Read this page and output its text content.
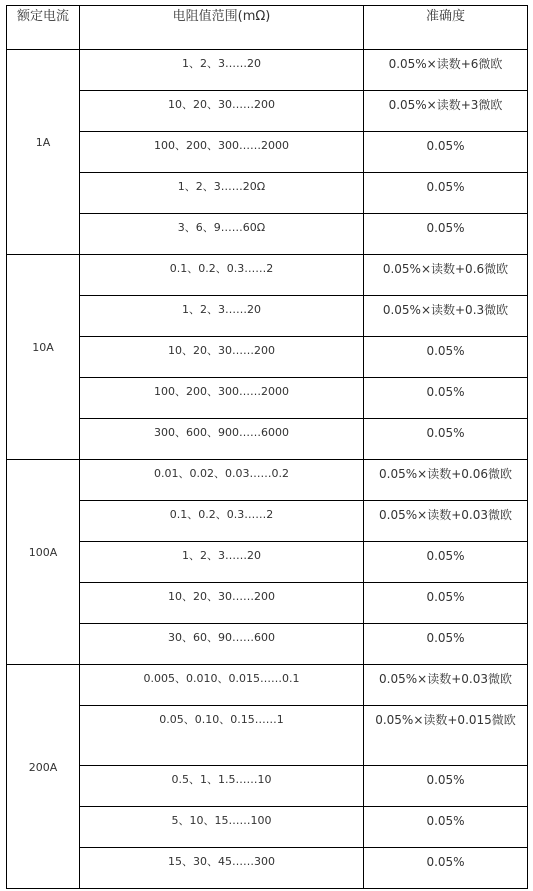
额定电流	电阻值范围(mΩ)	准确度
1A	1、2、3……20	0.05%×读数+6微欧
	10、20、30……200	0.05%×读数+3微欧
	100、200、300……2000	0.05%
	1、2、3……20Ω	0.05%
	3、6、9……60Ω	0.05%
10A	0.1、0.2、0.3……2	0.05%×读数+0.6微欧
	1、2、3……20	0.05%×读数+0.3微欧
	10、20、30……200	0.05%
	100、200、300……2000	0.05%
	300、600、900……6000	0.05%
100A	0.01、0.02、0.03……0.2	0.05%×读数+0.06微欧
	0.1、0.2、0.3……2	0.05%×读数+0.03微欧
	1、2、3……20	0.05%
	10、20、30……200	0.05%
	30、60、90……600	0.05%
200A	0.005、0.010、0.015……0.1	0.05%×读数+0.03微欧
	0.05、0.10、0.15……1	0.05%×读数+0.015微欧
	0.5、1、1.5……10	0.05%
	5、10、15……100	0.05%
	15、30、45……300	0.05%
